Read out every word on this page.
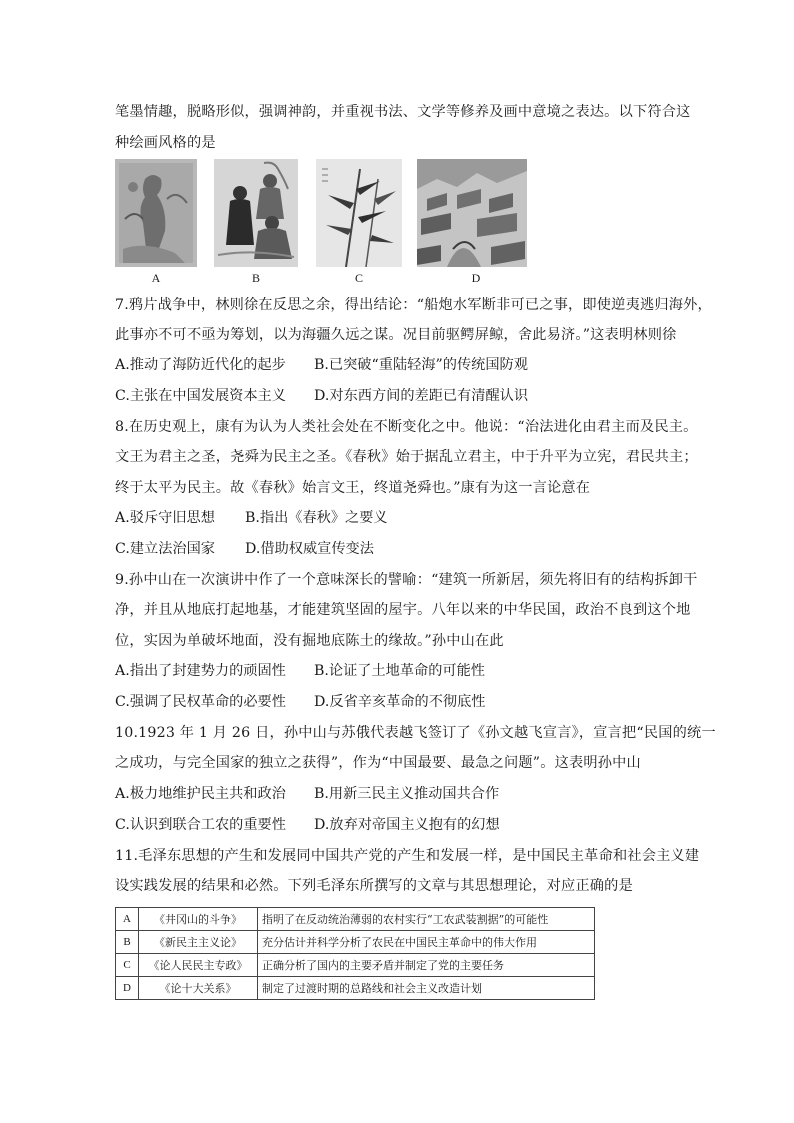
笔墨情趣，脱略形似，强调神韵，并重视书法、文学等修养及画中意境之表达。以下符合这
种绘画风格的是
A	B	C	D
7.鸦片战争中，林则徐在反思之余，得出结论：“船炮水军断非可已之事，即使逆夷逃归海外，
此事亦不可不亟为筹划，以为海疆久远之谋。况目前驱鳄屏鲸，舍此易济。”这表明林则徐
A.推动了海防近代化的起步 B.已突破“重陆轻海”的传统国防观
C.主张在中国发展资本主义 D.对东西方间的差距已有清醒认识
8.在历史观上，康有为认为人类社会处在不断变化之中。他说：“治法进化由君主而及民主。
文王为君主之圣，尧舜为民主之圣。《春秋》始于据乱立君主，中于升平为立宪，君民共主；
终于太平为民主。故《春秋》始言文王，终道尧舜也。”康有为这一言论意在
A.驳斥守旧思想 B.指出《春秋》之要义
C.建立法治国家 D.借助权威宣传变法
9.孙中山在一次演讲中作了一个意味深长的譬喻：“建筑一所新居，须先将旧有的结构拆卸干
净，并且从地底打起地基，才能建筑坚固的屋宇。八年以来的中华民国，政治不良到这个地
位，实因为单破坏地面，没有掘地底陈土的缘故。”孙中山在此
A.指出了封建势力的顽固性 B.论证了土地革命的可能性
C.强调了民权革命的必要性 D.反省辛亥革命的不彻底性
10.1923 年 1 月 26 日，孙中山与苏俄代表越飞签订了《孙文越飞宣言》，宣言把“民国的统一
之成功，与完全国家的独立之获得”，作为“中国最要、最急之问题”。这表明孙中山
A.极力地维护民主共和政治 B.用新三民主义推动国共合作
C.认识到联合工农的重要性 D.放弃对帝国主义抱有的幻想
11.毛泽东思想的产生和发展同中国共产党的产生和发展一样，是中国民主革命和社会主义建
设实践发展的结果和必然。下列毛泽东所撰写的文章与其思想理论，对应正确的是
A	《井冈山的斗争》	指明了在反动统治薄弱的农村实行“工农武装割据”的可能性
B	《新民主主义论》	充分估计并科学分析了农民在中国民主革命中的伟大作用
C	《论人民民主专政》	正确分析了国内的主要矛盾并制定了党的主要任务
D	《论十大关系》	制定了过渡时期的总路线和社会主义改造计划
